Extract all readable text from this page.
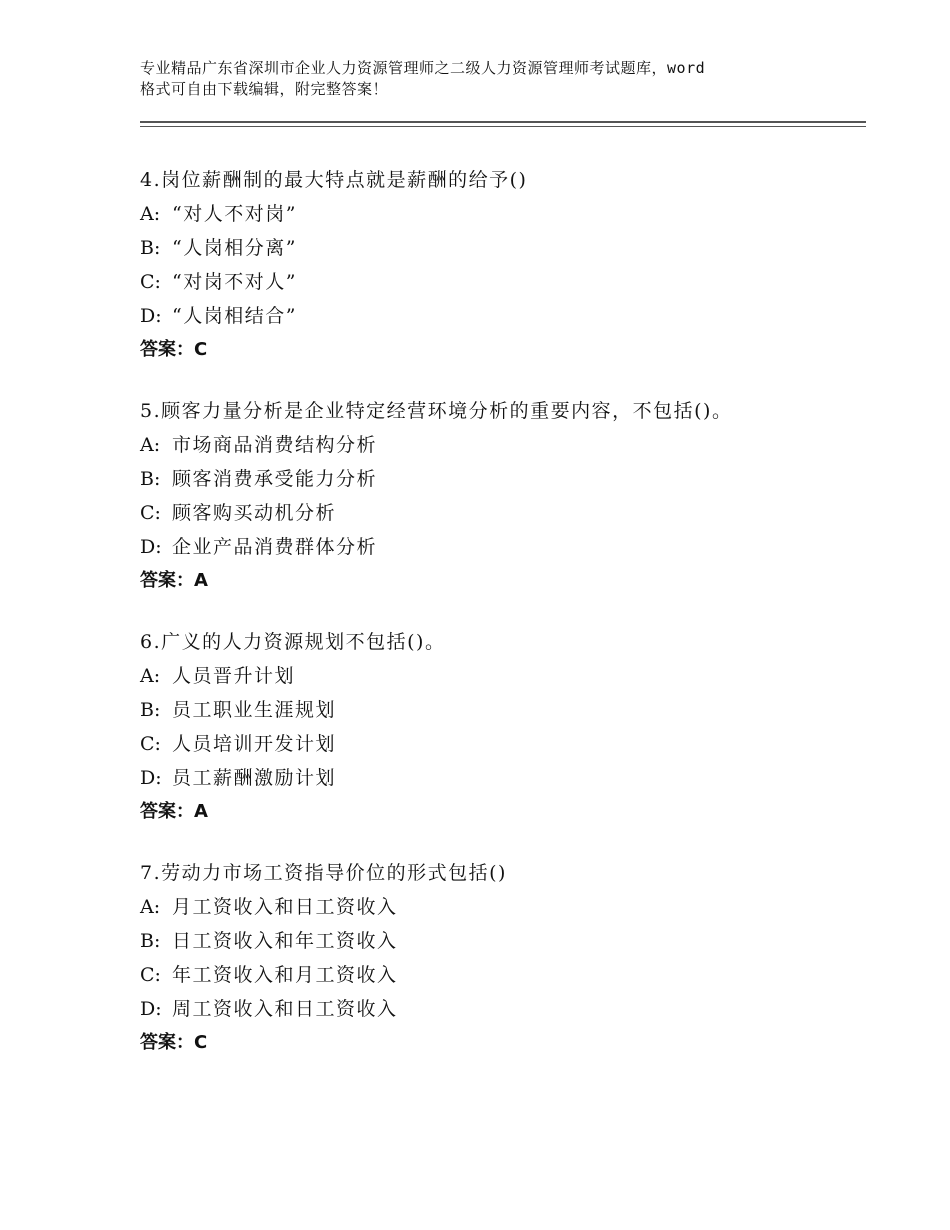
专业精品广东省深圳市企业人力资源管理师之二级人力资源管理师考试题库，word
格式可自由下载编辑，附完整答案！
4.岗位薪酬制的最大特点就是薪酬的给予()
A: “对人不对岗”
B: “人岗相分离”
C: “对岗不对人”
D: “人岗相结合”
答案：C
5.顾客力量分析是企业特定经营环境分析的重要内容，不包括()。
A: 市场商品消费结构分析
B: 顾客消费承受能力分析
C: 顾客购买动机分析
D: 企业产品消费群体分析
答案：A
6.广义的人力资源规划不包括()。
A: 人员晋升计划
B: 员工职业生涯规划
C: 人员培训开发计划
D: 员工薪酬激励计划
答案：A
7.劳动力市场工资指导价位的形式包括()
A: 月工资收入和日工资收入
B: 日工资收入和年工资收入
C: 年工资收入和月工资收入
D: 周工资收入和日工资收入
答案：C
